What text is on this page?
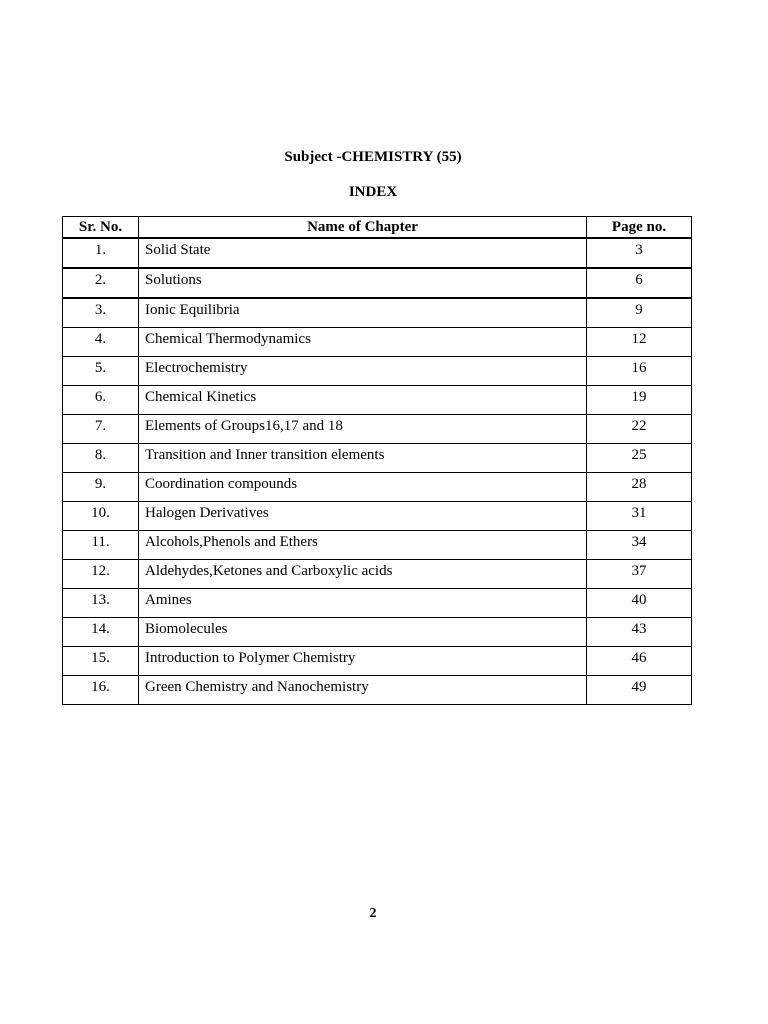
Subject -CHEMISTRY (55)
INDEX
Sr. No.	Name of Chapter	Page no.
1.	Solid State	3
2.	Solutions	6
3.	Ionic Equilibria	9
4.	Chemical Thermodynamics	12
5.	Electrochemistry	16
6.	Chemical Kinetics	19
7.	Elements of Groups16,17 and 18	22
8.	Transition and Inner transition elements	25
9.	Coordination compounds	28
10.	Halogen Derivatives	31
11.	Alcohols,Phenols and Ethers	34
12.	Aldehydes,Ketones and Carboxylic acids	37
13.	Amines	40
14.	Biomolecules	43
15.	Introduction to Polymer Chemistry	46
16.	Green Chemistry and Nanochemistry	49
2
